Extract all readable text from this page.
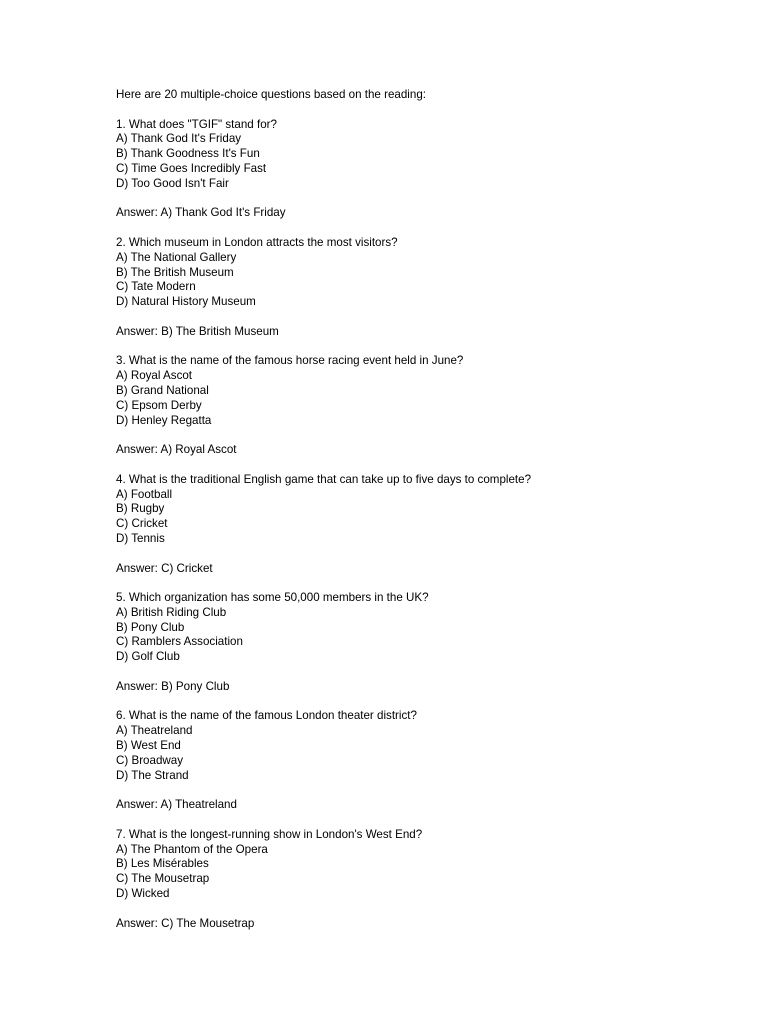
Here are 20 multiple-choice questions based on the reading:
1. What does "TGIF" stand for?
A) Thank God It's Friday
B) Thank Goodness It's Fun
C) Time Goes Incredibly Fast
D) Too Good Isn't Fair
Answer: A) Thank God It's Friday
2. Which museum in London attracts the most visitors?
A) The National Gallery
B) The British Museum
C) Tate Modern
D) Natural History Museum
Answer: B) The British Museum
3. What is the name of the famous horse racing event held in June?
A) Royal Ascot
B) Grand National
C) Epsom Derby
D) Henley Regatta
Answer: A) Royal Ascot
4. What is the traditional English game that can take up to five days to complete?
A) Football
B) Rugby
C) Cricket
D) Tennis
Answer: C) Cricket
5. Which organization has some 50,000 members in the UK?
A) British Riding Club
B) Pony Club
C) Ramblers Association
D) Golf Club
Answer: B) Pony Club
6. What is the name of the famous London theater district?
A) Theatreland
B) West End
C) Broadway
D) The Strand
Answer: A) Theatreland
7. What is the longest-running show in London's West End?
A) The Phantom of the Opera
B) Les Misérables
C) The Mousetrap
D) Wicked
Answer: C) The Mousetrap
